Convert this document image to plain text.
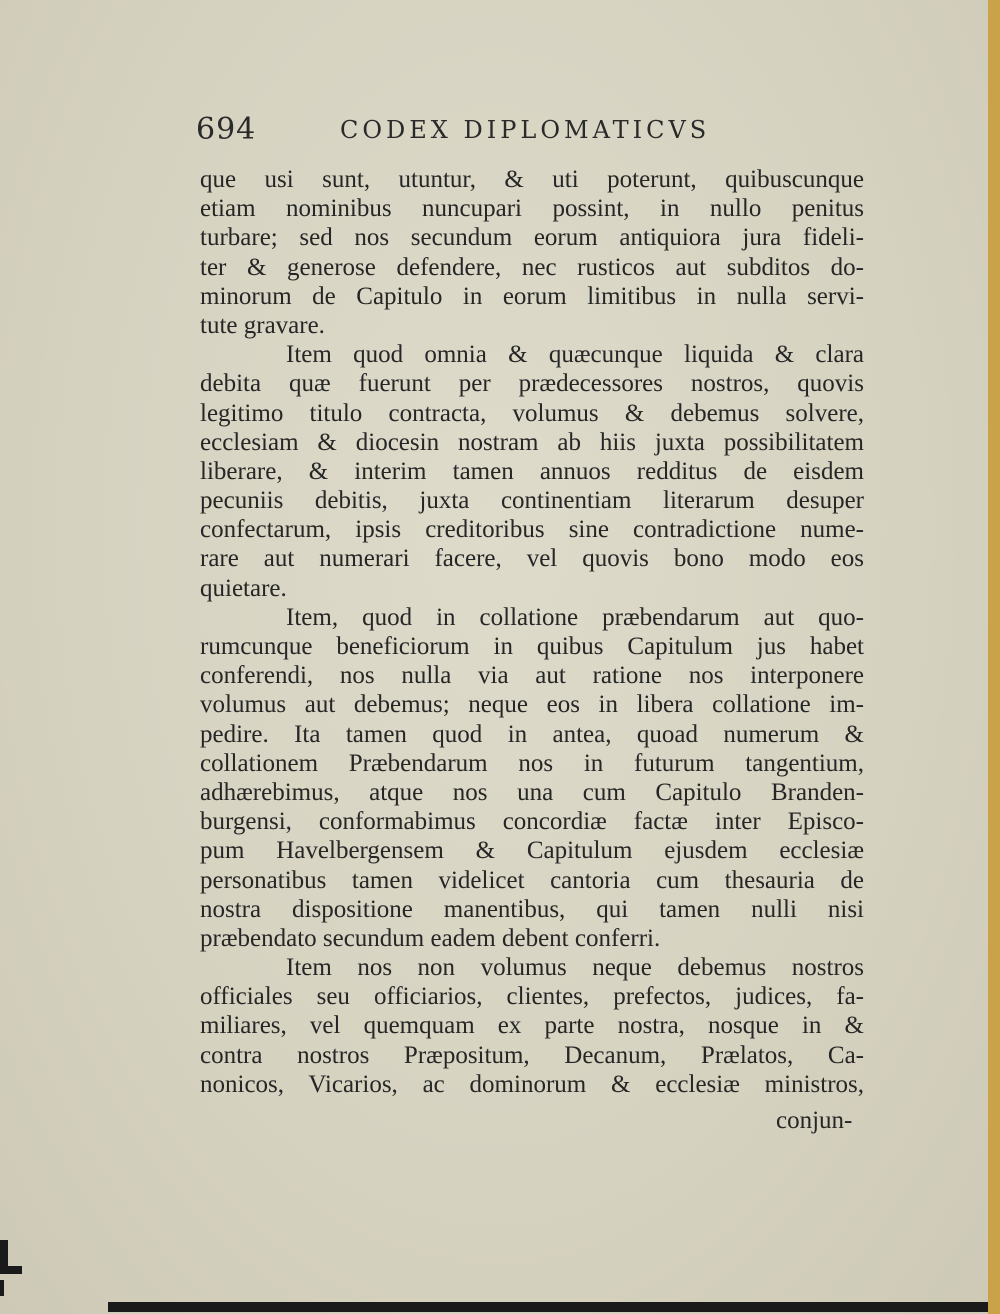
694	CODEX DIPLOMATICVS
que usi sunt, utuntur, & uti poterunt, quibuscunque
etiam nominibus nuncupari possint, in nullo penitus
turbare; sed nos secundum eorum antiquiora jura fideli-
ter & generose defendere, nec rusticos aut subditos do-
minorum de Capitulo in eorum limitibus in nulla servi-
tute gravare.
Item quod omnia & quæcunque liquida & clara
debita quæ fuerunt per prædecessores nostros, quovis
legitimo titulo contracta, volumus & debemus solvere,
ecclesiam & diocesin nostram ab hiis juxta possibilitatem
liberare, & interim tamen annuos redditus de eisdem
pecuniis debitis, juxta continentiam literarum desuper
confectarum, ipsis creditoribus sine contradictione nume-
rare aut numerari facere, vel quovis bono modo eos
quietare.
Item, quod in collatione præbendarum aut quo-
rumcunque beneficiorum in quibus Capitulum jus habet
conferendi, nos nulla via aut ratione nos interponere
volumus aut debemus; neque eos in libera collatione im-
pedire. Ita tamen quod in antea, quoad numerum &
collationem Præbendarum nos in futurum tangentium,
adhærebimus, atque nos una cum Capitulo Branden-
burgensi, conformabimus concordiæ factæ inter Episco-
pum Havelbergensem & Capitulum ejusdem ecclesiæ
personatibus tamen videlicet cantoria cum thesauria de
nostra dispositione manentibus, qui tamen nulli nisi
præbendato secundum eadem debent conferri.
Item nos non volumus neque debemus nostros
officiales seu officiarios, clientes, prefectos, judices, fa-
miliares, vel quemquam ex parte nostra, nosque in &
contra nostros Præpositum, Decanum, Prælatos, Ca-
nonicos, Vicarios, ac dominorum & ecclesiæ ministros,
conjun-
